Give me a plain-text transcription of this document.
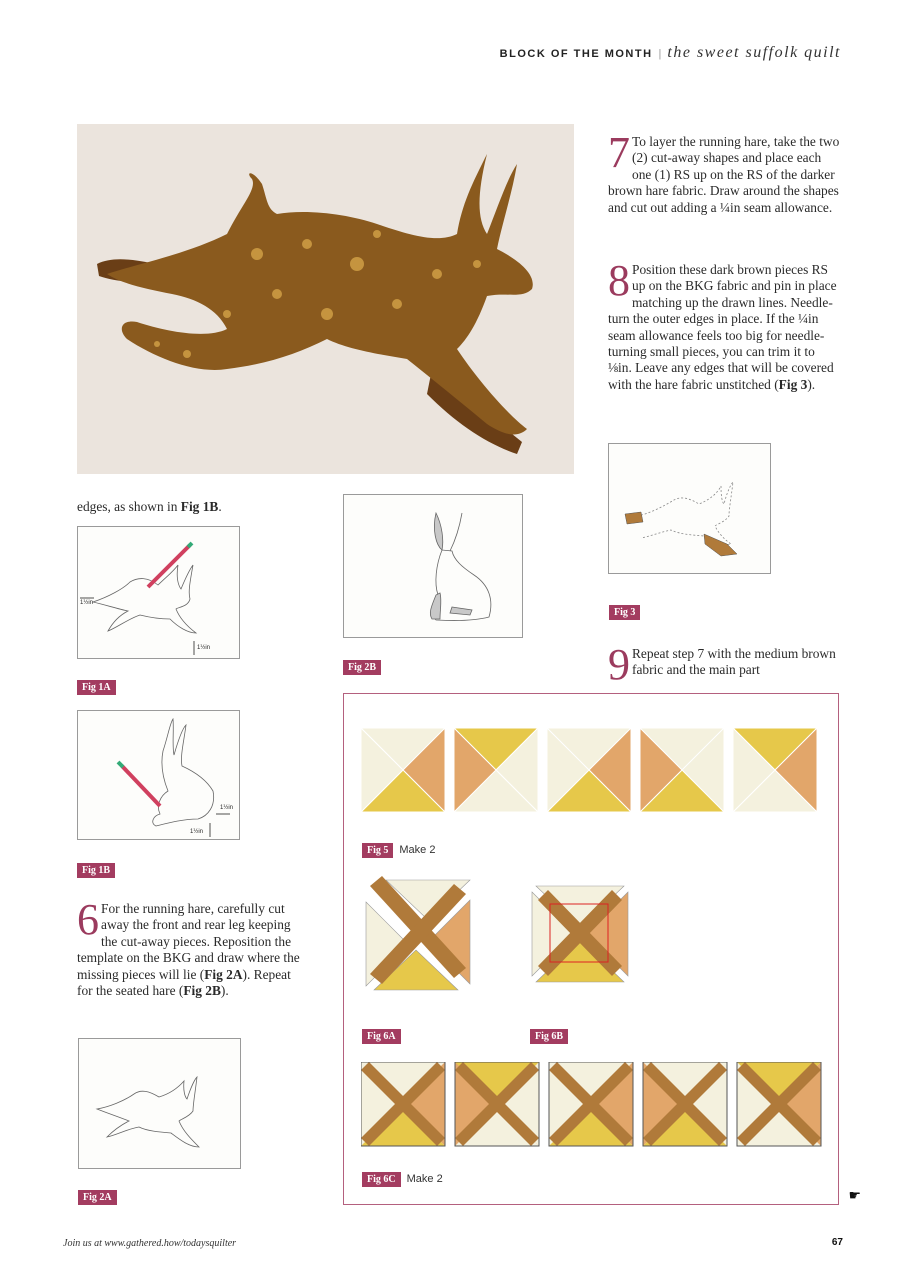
BLOCK OF THE MONTH | the sweet suffolk quilt
edges, as shown in Fig 1B.
1½in
1½in
Fig 1A
1½in
1½in
Fig 1B
6 For the running hare, carefully cut away the front and rear leg keeping the cut-away pieces. Reposition the template on the BKG and draw where the missing pieces will lie (Fig 2A). Repeat for the seated hare (Fig 2B).
Fig 2A
Fig 2B
7 To layer the running hare, take the two (2) cut-away shapes and place each one (1) RS up on the RS of the darker brown hare fabric. Draw around the shapes and cut out adding a ¼in seam allowance.
8 Position these dark brown pieces RS up on the BKG fabric and pin in place matching up the drawn lines. Needle-turn the outer edges in place. If the ¼in seam allowance feels too big for needle-turning small pieces, you can trim it to ⅛in. Leave any edges that will be covered with the hare fabric unstitched (Fig 3).
Fig 3
9 Repeat step 7 with the medium brown fabric and the main part
Fig 5 Make 2
Fig 6A	Fig 6B
Fig 6C Make 2
☛
Join us at www.gathered.how/todaysquilter	67
